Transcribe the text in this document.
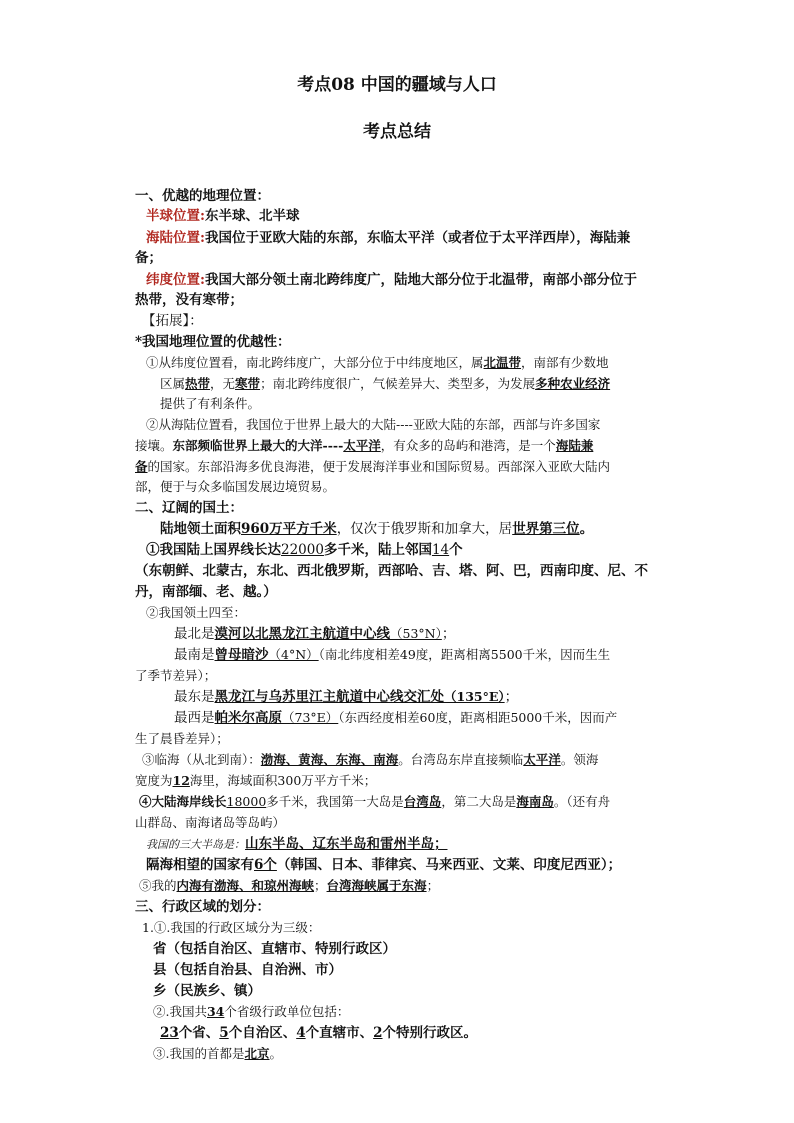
考点08 中国的疆域与人口
考点总结
一、优越的地理位置：
半球位置:东半球、北半球
海陆位置:我国位于亚欧大陆的东部，东临太平洋（或者位于太平洋西岸），海陆兼
备；
纬度位置:我国大部分领土南北跨纬度广，陆地大部分位于北温带，南部小部分位于
热带，没有寒带；
【拓展】：
*我国地理位置的优越性：
①从纬度位置看，南北跨纬度广，大部分位于中纬度地区，属北温带，南部有少数地
区属热带，无寒带；南北跨纬度很广，气候差异大、类型多，为发展多种农业经济
提供了有利条件。
②从海陆位置看，我国位于世界上最大的大陆----亚欧大陆的东部，西部与许多国家
接壤。东部频临世界上最大的大洋----太平洋，有众多的岛屿和港湾，是一个海陆兼
备的国家。东部沿海多优良海港，便于发展海洋事业和国际贸易。西部深入亚欧大陆内
部，便于与众多临国发展边境贸易。
二、辽阔的国土：
陆地领土面积960万平方千米，仅次于俄罗斯和加拿大，居世界第三位。
①我国陆上国界线长达22000多千米，陆上邻国14个
（东朝鲜、北蒙古，东北、西北俄罗斯，西部哈、吉、塔、阿、巴，西南印度、尼、不
丹，南部缅、老、越。）
②我国领土四至：
最北是漠河以北黑龙江主航道中心线（53°N）；
最南是曾母暗沙（4°N）（南北纬度相差49度，距离相离5500千米，因而生生
了季节差异）；
最东是黑龙江与乌苏里江主航道中心线交汇处（135°E）；
最西是帕米尔高原（73°E）（东西经度相差60度，距离相距5000千米，因而产
生了晨昏差异）；
③临海（从北到南）：渤海、黄海、东海、南海。台湾岛东岸直接频临太平洋。领海
宽度为12海里，海域面积300万平方千米；
④大陆海岸线长18000多千米，我国第一大岛是台湾岛，第二大岛是海南岛。（还有舟
山群岛、南海诸岛等岛屿）
我国的三大半岛是：山东半岛、辽东半岛和雷州半岛；
隔海相望的国家有6个（韩国、日本、菲律宾、马来西亚、文莱、印度尼西亚）；
⑤我的内海有渤海、和琼州海峡；台湾海峡属于东海；
三、行政区域的划分：
1.①.我国的行政区域分为三级：
省（包括自治区、直辖市、特别行政区）
县（包括自治县、自治洲、市）
乡（民族乡、镇）
②.我国共34个省级行政单位包括：
23个省、5个自治区、4个直辖市、2个特别行政区。
③.我国的首都是北京。
